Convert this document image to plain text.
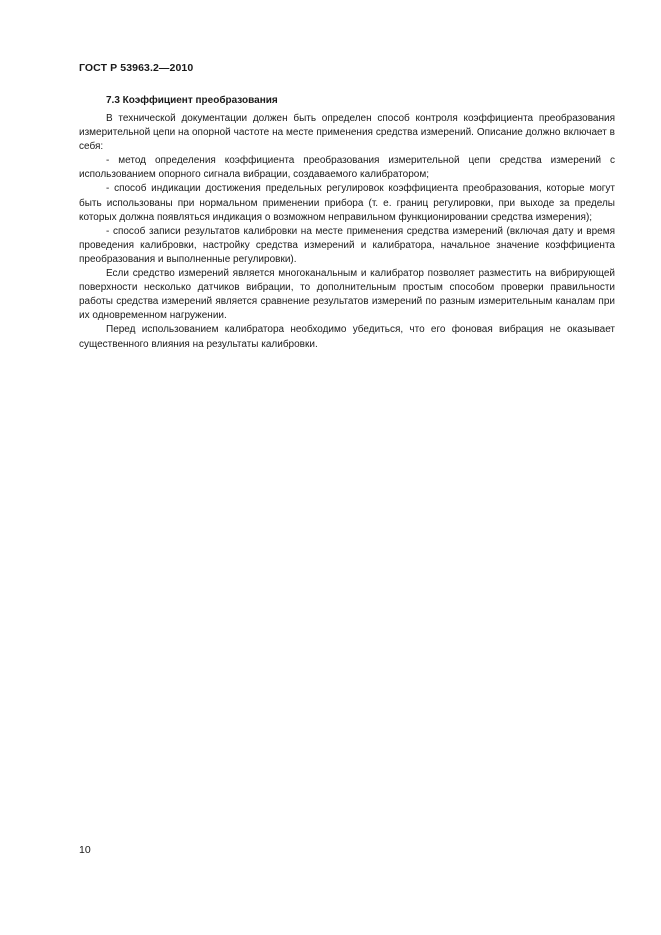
ГОСТ Р 53963.2—2010
7.3 Коэффициент преобразования

В технической документации должен быть определен способ контроля коэффициента преобразования измерительной цепи на опорной частоте на месте применения средства измерений. Описание должно включает в себя:

- метод определения коэффициента преобразования измерительной цепи средства измерений с использованием опорного сигнала вибрации, создаваемого калибратором;

- способ индикации достижения предельных регулировок коэффициента преобразования, которые могут быть использованы при нормальном применении прибора (т. е. границ регулировки, при выходе за пределы которых должна появляться индикация о возможном неправильном функционировании средства измерения);

- способ записи результатов калибровки на месте применения средства измерений (включая дату и время проведения калибровки, настройку средства измерений и калибратора, начальное значение коэффициента преобразования и выполненные регулировки).

Если средство измерений является многоканальным и калибратор позволяет разместить на вибрирующей поверхности несколько датчиков вибрации, то дополнительным простым способом проверки правильности работы средства измерений является сравнение результатов измерений по разным измерительным каналам при их одновременном нагружении.

Перед использованием калибратора необходимо убедиться, что его фоновая вибрация не оказывает существенного влияния на результаты калибровки.

10
